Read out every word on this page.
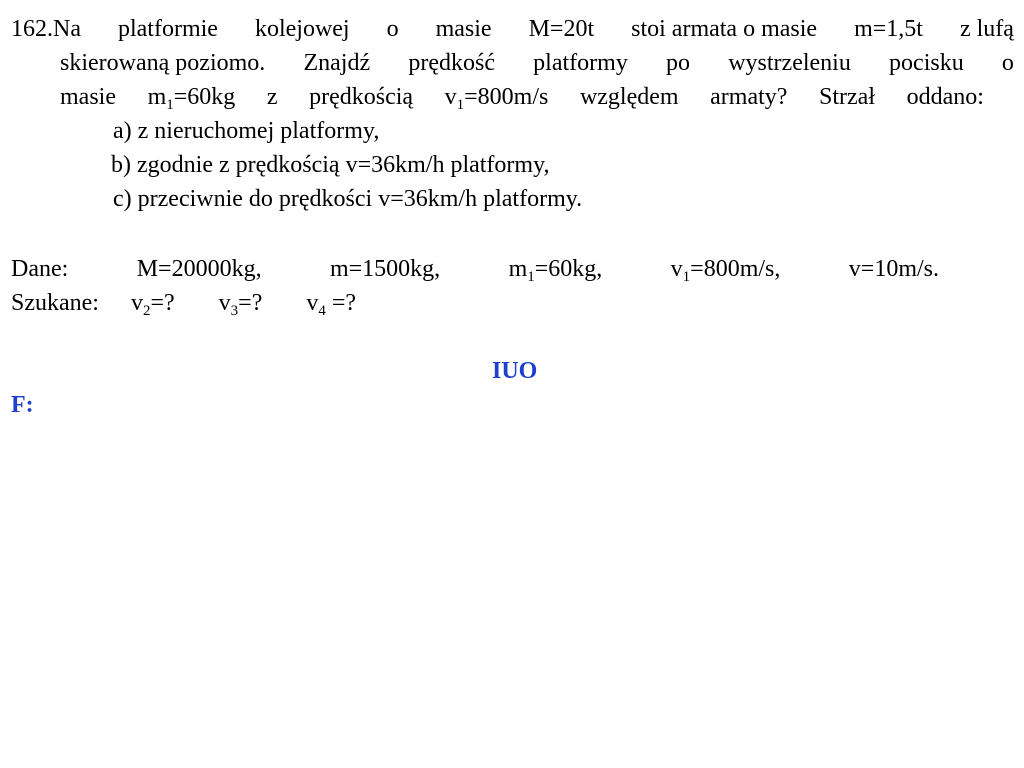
162.Na platformie kolejowej o masie M=20t stoi armata o masie m=1,5t z lufą
skierowaną poziomo. Znajdź prędkość platformy po wystrzeleniu pocisku o
masie $m_1=60kg$ z prędkością $v_1=800m/s$ względem armaty? Strzał oddano:
a) z nieruchomej platformy,
b) zgodnie z prędkością v=36km/h platformy,
c) przeciwnie do prędkości v=36km/h platformy.
Dane:	M=20000kg,	m=1500kg,	$m_1=60kg$,	$v_1=800m/s$,	v=10m/s.
Szukane: $v_2=$? $v_3=$? $v_4$ =?
IUO
F:
